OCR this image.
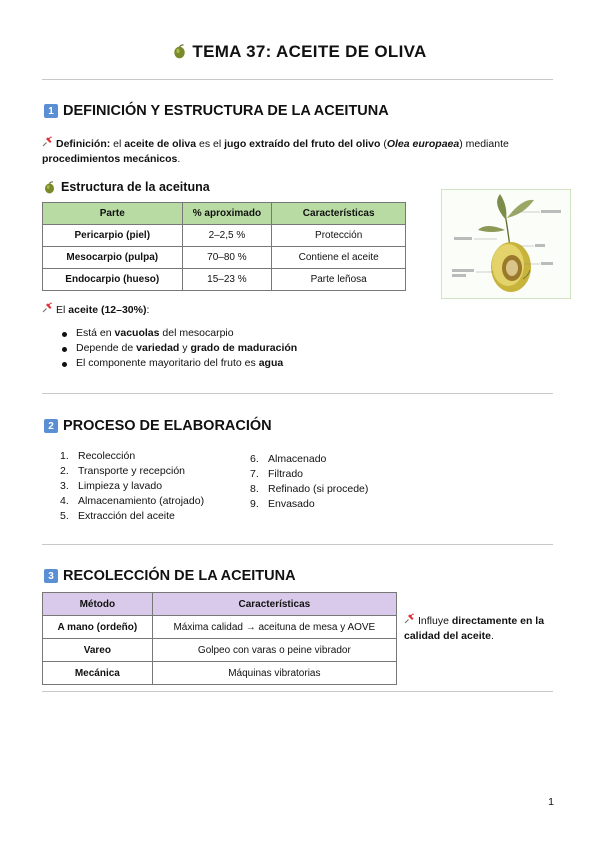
TEMA 37: ACEITE DE OLIVA
1 DEFINICIÓN Y ESTRUCTURA DE LA ACEITUNA
Definición: el aceite de oliva es el jugo extraído del fruto del olivo (Olea europaea) mediante procedimientos mecánicos.
Estructura de la aceituna
Parte	% aproximado	Características
Pericarpio (piel)	2–2,5 %	Protección
Mesocarpio (pulpa)	70–80 %	Contiene el aceite
Endocarpio (hueso)	15–23 %	Parte leñosa
El aceite (12–30%):
Está en vacuolas del mesocarpio
Depende de variedad y grado de maduración
El componente mayoritario del fruto es agua
2 PROCESO DE ELABORACIÓN
1. Recolección
2. Transporte y recepción
3. Limpieza y lavado
4. Almacenamiento (atrojado)
5. Extracción del aceite
6. Almacenado
7. Filtrado
8. Refinado (si procede)
9. Envasado
3 RECOLECCIÓN DE LA ACEITUNA
Método	Características
A mano (ordeño)	Máxima calidad → aceituna de mesa y AOVE
Vareo	Golpeo con varas o peine vibrador
Mecánica	Máquinas vibratorias
Influye directamente en la calidad del aceite.
1
